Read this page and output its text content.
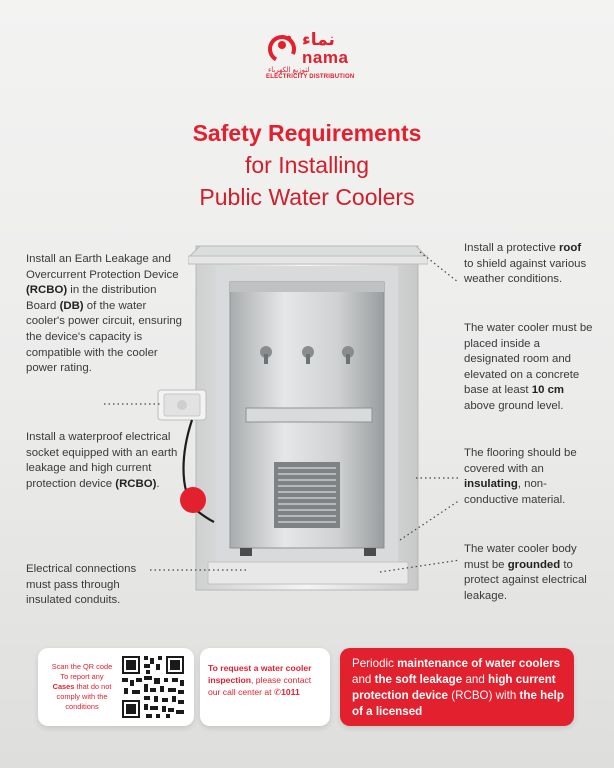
نماء
nama
لتوزيع الكهرباء
ELECTRICITY DISTRIBUTION
Safety Requirements
for Installing
Public Water Coolers
Install an Earth Leakage and Overcurrent Protection Device (RCBO) in the distribution Board (DB) of the water cooler's power circuit, ensuring the device's capacity is compatible with the cooler power rating.
Install a waterproof electrical socket equipped with an earth leakage and high current protection device (RCBO).
Electrical connections must pass through insulated conduits.
Install a protective roof to shield against various weather conditions.
The water cooler must be placed inside a designated room and elevated on a concrete base at least 10 cm above ground level.
The flooring should be covered with an insulating, non-conductive material.
The water cooler body must be grounded to protect against electrical leakage.
Scan the QR code
To report any
Cases that do not comply with the conditions
To request a water cooler inspection, please contact our call center at ✆1011
Periodic maintenance of water coolers and the soft leakage and high current protection device (RCBO) with the help of a licensed
